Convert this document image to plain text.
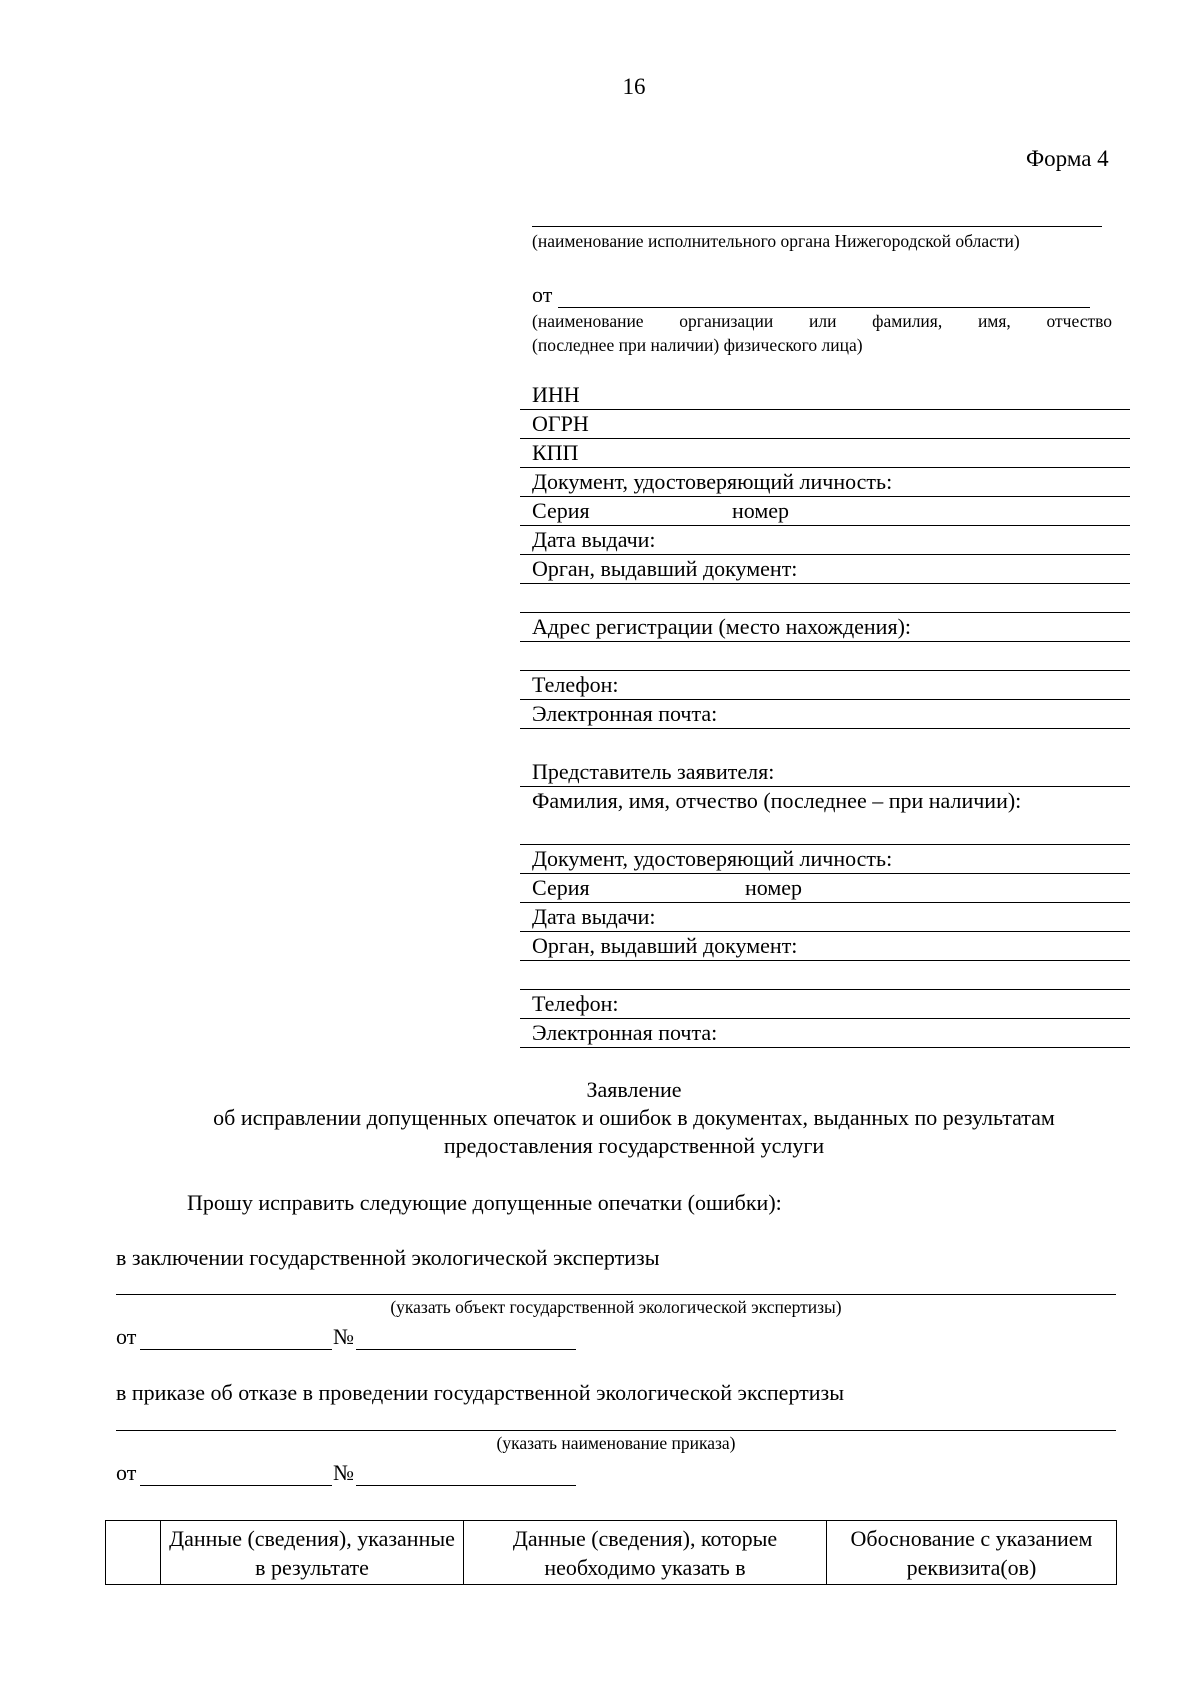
16
Форма 4
(наименование исполнительного органа Нижегородской области)
от
(наименование организации или фамилия, имя, отчество
(последнее при наличии) физического лица)
ИНН
ОГРН
КПП
Документ, удостоверяющий личность:
Серия	номер
Дата выдачи:
Орган, выдавший документ:
Адрес регистрации (место нахождения):
Телефон:
Электронная почта:
Представитель заявителя:
Фамилия, имя, отчество (последнее – при наличии):
Документ, удостоверяющий личность:
Серия	номер
Дата выдачи:
Орган, выдавший документ:
Телефон:
Электронная почта:
Заявление
об исправлении допущенных опечаток и ошибок в документах, выданных по результатам
предоставления государственной услуги
Прошу исправить следующие допущенные опечатки (ошибки):
в заключении государственной экологической экспертизы
(указать объект государственной экологической экспертизы)
от	№
в приказе об отказе в проведении государственной экологической экспертизы
(указать наименование приказа)
от	№
	Данные (сведения), указанные в результате	Данные (сведения), которые необходимо указать в	Обоснование с указанием реквизита(ов)
